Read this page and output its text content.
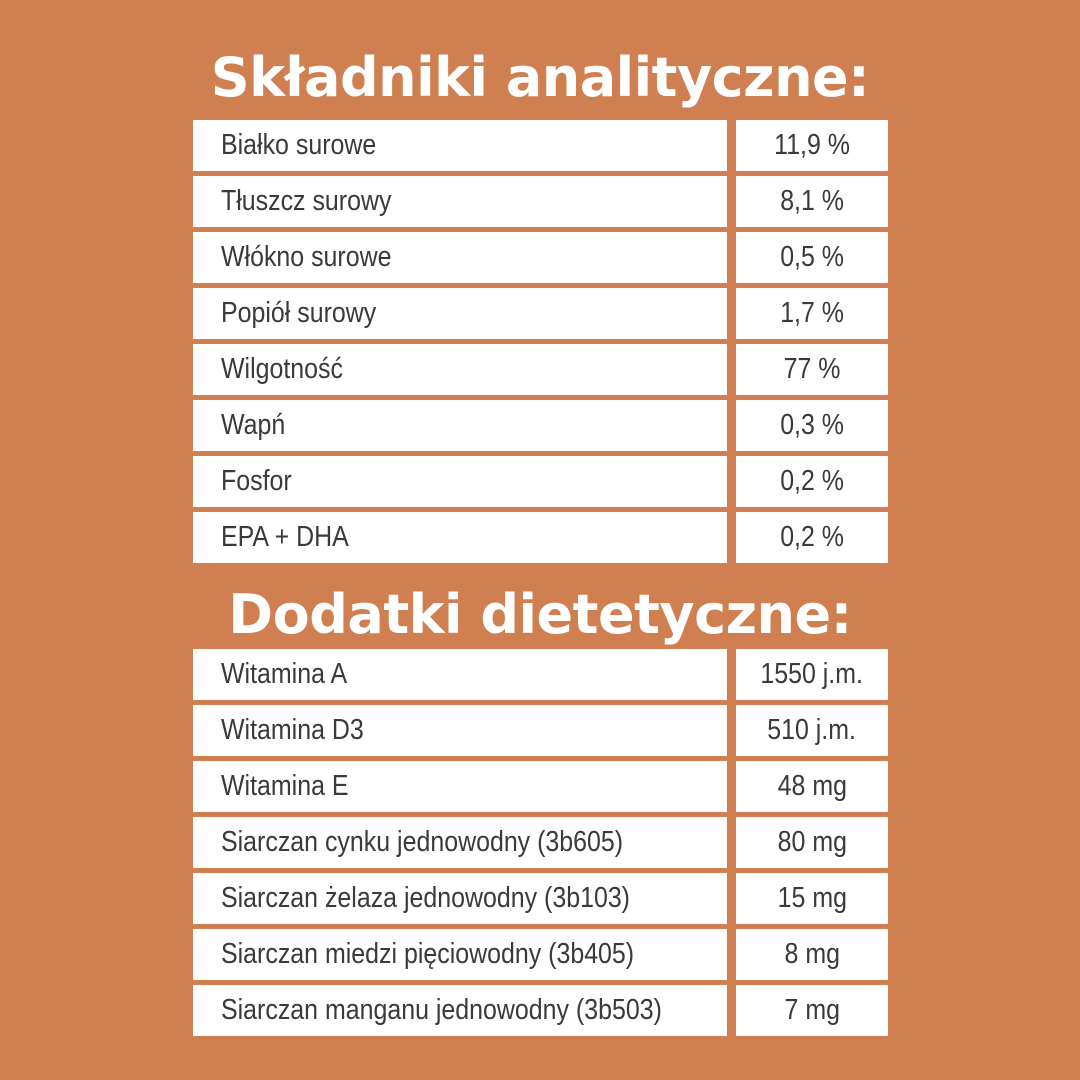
Składniki analityczne:
Białko surowe	11,9 %
Tłuszcz surowy	8,1 %
Włókno surowe	0,5 %
Popiół surowy	1,7 %
Wilgotność	77 %
Wapń	0,3 %
Fosfor	0,2 %
EPA + DHA	0,2 %
Dodatki dietetyczne:
Witamina A	1550 j.m.
Witamina D3	510 j.m.
Witamina E	48 mg
Siarczan cynku jednowodny (3b605)	80 mg
Siarczan żelaza jednowodny (3b103)	15 mg
Siarczan miedzi pięciowodny (3b405)	8 mg
Siarczan manganu jednowodny (3b503)	7 mg
